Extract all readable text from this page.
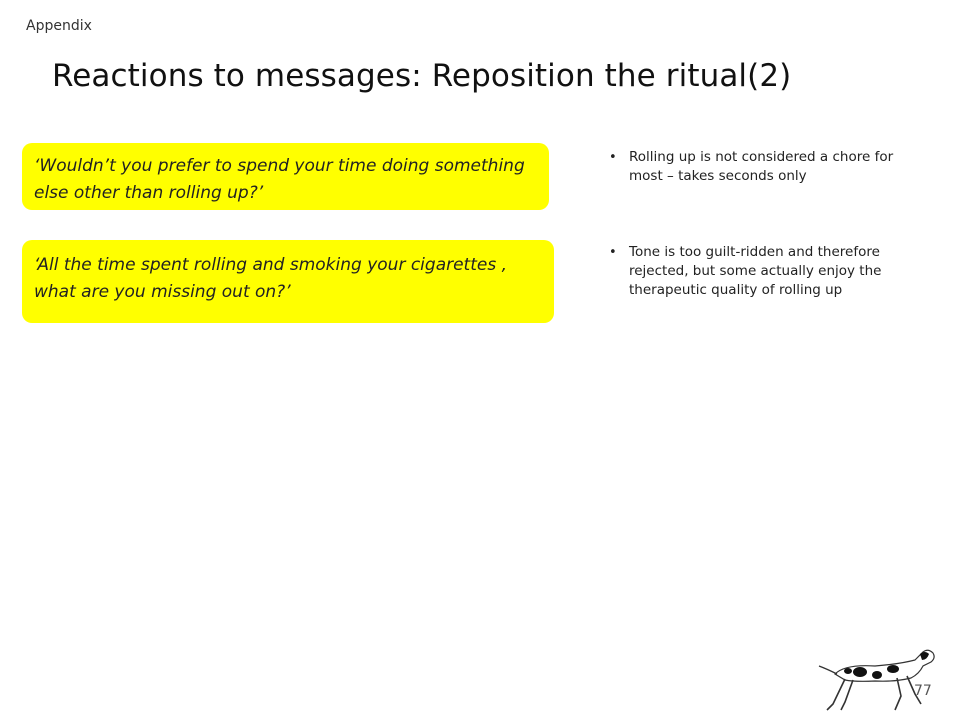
Appendix
Reactions to messages: Reposition the ritual(2)
‘Wouldn’t you prefer to spend your time doing something else other than rolling up?’
‘All the time spent rolling and smoking your cigarettes , what are you missing out on?’
• Rolling up is not considered a chore for most – takes seconds only
• Tone is too guilt-ridden and therefore rejected, but some actually enjoy the therapeutic quality of rolling up
77
